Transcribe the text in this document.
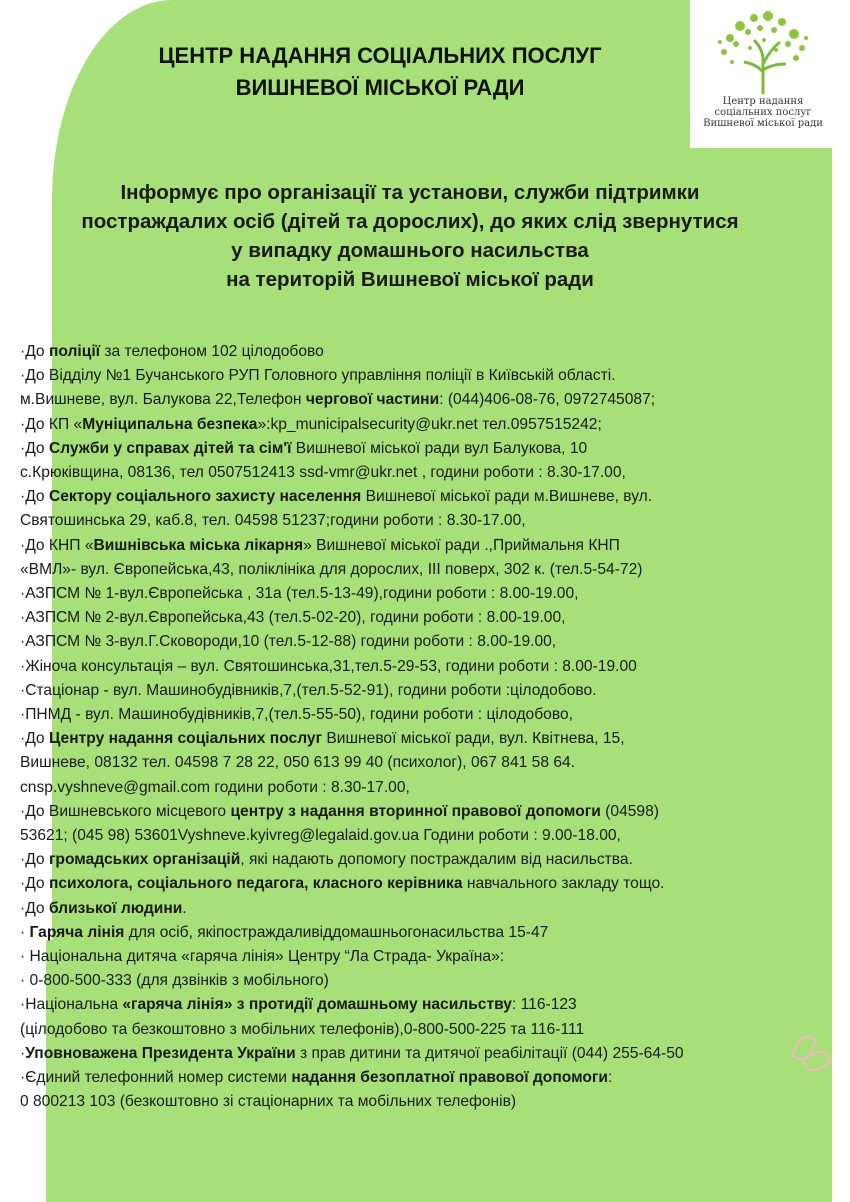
ЦЕНТР НАДАННЯ СОЦІАЛЬНИХ ПОСЛУГ
ВИШНЕВОЇ МІСЬКОЇ РАДИ
Центр надання
соціальних послуг
Вишневої міської ради
Інформує про організації та установи, служби підтримки
постраждалих осіб (дітей та дорослих), до яких слід звернутися
у випадку домашнього насильства
на територій Вишневої міської ради
·До поліції за телефоном 102 цілодобово
·До Відділу №1 Бучанського РУП Головного управління поліції в Київській області.
м.Вишневе, вул. Балукова 22,Телефон чергової частини: (044)406-08-76, 0972745087;
·До КП «Муніципальна безпека»:kp_municipalsecurity@ukr.net тел.0957515242;
·До Служби у справах дітей та сім'ї Вишневої міської ради вул Балукова, 10
с.Крюківщина, 08136, тел 0507512413 ssd-vmr@ukr.net , години роботи : 8.30-17.00,
·До Сектору соціального захисту населення Вишневої міської ради м.Вишневе, вул.
Святошинська 29, каб.8, тел. 04598 51237;години роботи : 8.30-17.00,
·До КНП «Вишнівська міська лікарня» Вишневої міської ради .,Приймальня КНП
«ВМЛ»- вул. Європейська,43, поліклініка для дорослих, ІІІ поверх, 302 к. (тел.5-54-72)
·АЗПСМ № 1-вул.Європейська , 31а (тел.5-13-49),години роботи : 8.00-19.00,
·АЗПСМ № 2-вул.Європейська,43 (тел.5-02-20), години роботи : 8.00-19.00,
·АЗПСМ № 3-вул.Г.Сковороди,10 (тел.5-12-88) години роботи : 8.00-19.00,
·Жіноча консультація – вул. Святошинська,31,тел.5-29-53, години роботи : 8.00-19.00
·Стаціонар - вул. Машинобудівників,7,(тел.5-52-91), години роботи :цілодобово.
·ПНМД - вул. Машинобудівників,7,(тел.5-55-50), години роботи : цілодобово,
·До Центру надання соціальних послуг Вишневої міської ради, вул. Квітнева, 15,
Вишневе, 08132 тел. 04598 7 28 22, 050 613 99 40 (психолог), 067 841 58 64.
cnsp.vyshneve@gmail.com години роботи : 8.30-17.00,
·До Вишневського місцевого центру з надання вторинної правової допомоги (04598)
53621; (045 98) 53601Vyshneve.kyivreg@legalaid.gov.ua Години роботи : 9.00-18.00,
·До громадських організацій, які надають допомогу постраждалим від насильства.
·До психолога, соціального педагога, класного керівника навчального закладу тощо.
·До близької людини.
· Гаряча лінія для осіб, якіпостраждаливіддомашньогонасильства 15-47
· Національна дитяча «гаряча лінія» Центру “Ла Страда- Україна»:
· 0-800-500-333 (для дзвінків з мобільного)
·Національна «гаряча лінія» з протидії домашньому насильству: 116-123
(цілодобово та безкоштовно з мобільних телефонів),0-800-500-225 та 116-111
·Уповноважена Президента України з прав дитини та дитячої реабілітації (044) 255-64-50
·Єдиний телефонний номер системи надання безоплатної правової допомоги:
0 800213 103 (безкоштовно зі стаціонарних та мобільних телефонів)
